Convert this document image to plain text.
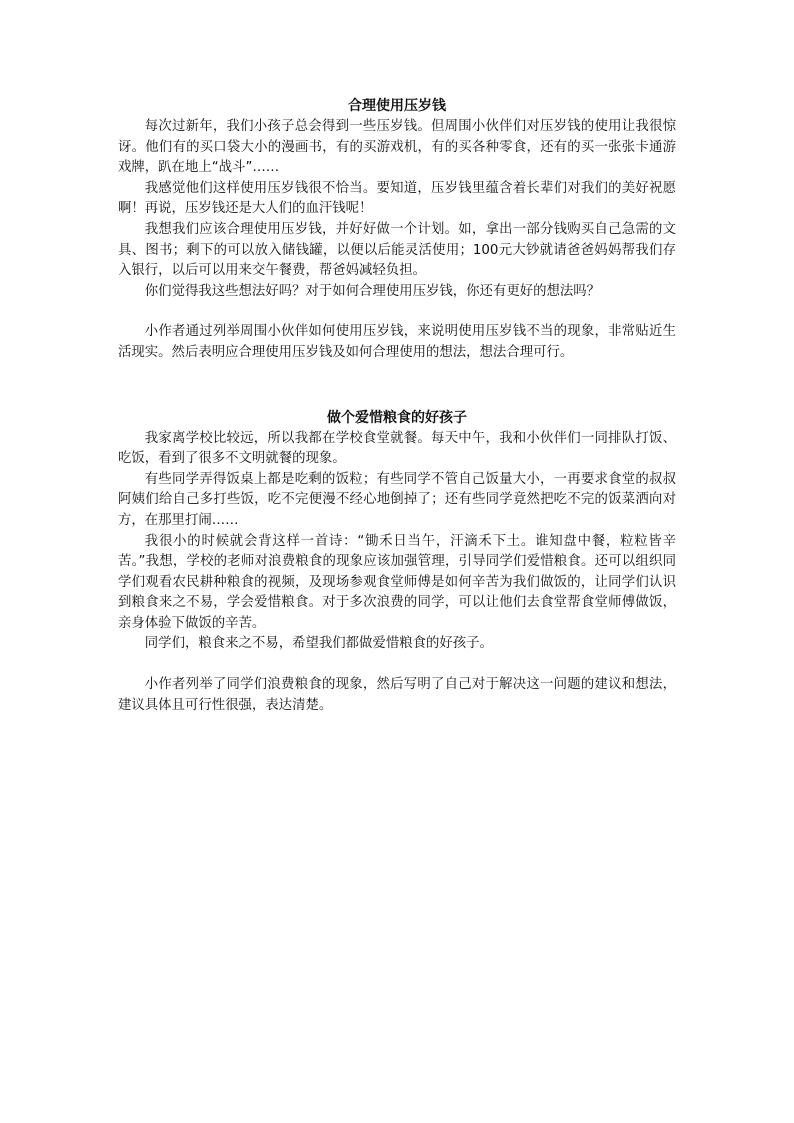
合理使用压岁钱

每次过新年，我们小孩子总会得到一些压岁钱。但周围小伙伴们对压岁钱的使用让我很惊讶。他们有的买口袋大小的漫画书，有的买游戏机，有的买各种零食，还有的买一张张卡通游戏牌，趴在地上“战斗”……

我感觉他们这样使用压岁钱很不恰当。要知道，压岁钱里蕴含着长辈们对我们的美好祝愿啊！再说，压岁钱还是大人们的血汗钱呢！

我想我们应该合理使用压岁钱，并好好做一个计划。如，拿出一部分钱购买自己急需的文具、图书；剩下的可以放入储钱罐，以便以后能灵活使用；100元大钞就请爸爸妈妈帮我们存入银行，以后可以用来交午餐费，帮爸妈减轻负担。

你们觉得我这些想法好吗？对于如何合理使用压岁钱，你还有更好的想法吗？

小作者通过列举周围小伙伴如何使用压岁钱，来说明使用压岁钱不当的现象，非常贴近生活现实。然后表明应合理使用压岁钱及如何合理使用的想法，想法合理可行。

做个爱惜粮食的好孩子

我家离学校比较远，所以我都在学校食堂就餐。每天中午，我和小伙伴们一同排队打饭、吃饭，看到了很多不文明就餐的现象。

有些同学弄得饭桌上都是吃剩的饭粒；有些同学不管自己饭量大小，一再要求食堂的叔叔阿姨们给自己多打些饭，吃不完便漫不经心地倒掉了；还有些同学竟然把吃不完的饭菜洒向对方，在那里打闹……

我很小的时候就会背这样一首诗：“锄禾日当午，汗滴禾下土。谁知盘中餐，粒粒皆辛苦。”我想，学校的老师对浪费粮食的现象应该加强管理，引导同学们爱惜粮食。还可以组织同学们观看农民耕种粮食的视频，及现场参观食堂师傅是如何辛苦为我们做饭的，让同学们认识到粮食来之不易，学会爱惜粮食。对于多次浪费的同学，可以让他们去食堂帮食堂师傅做饭，亲身体验下做饭的辛苦。

同学们，粮食来之不易，希望我们都做爱惜粮食的好孩子。

小作者列举了同学们浪费粮食的现象，然后写明了自己对于解决这一问题的建议和想法，建议具体且可行性很强，表达清楚。
